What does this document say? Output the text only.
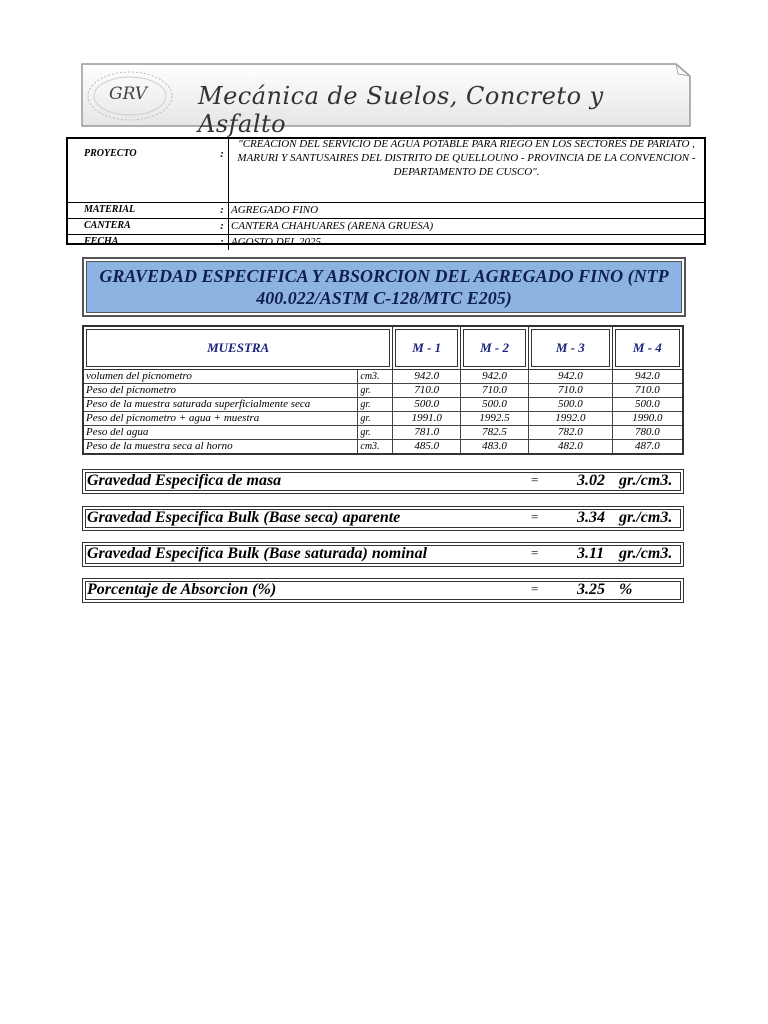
GRV Mecánica de Suelos, Concreto y Asfalto
PROYECTO	:	"CREACION DEL SERVICIO DE AGUA POTABLE PARA RIEGO EN LOS SECTORES DE PARIATO , MARURI Y SANTUSAIRES DEL DISTRITO DE QUELLOUNO - PROVINCIA DE LA CONVENCION - DEPARTAMENTO DE CUSCO".
MATERIAL	:	AGREGADO FINO
CANTERA	:	CANTERA CHAHUARES (ARENA GRUESA)
FECHA	:	AGOSTO DEL 2025
GRAVEDAD ESPECIFICA Y ABSORCION DEL AGREGADO FINO (NTP 400.022/ASTM C-128/MTC E205)
MUESTRA		M - 1	M - 2	M - 3	M - 4
volumen del picnometro	cm3.	942.0	942.0	942.0	942.0
Peso del picnometro	gr.	710.0	710.0	710.0	710.0
Peso de la muestra saturada superficialmente seca	gr.	500.0	500.0	500.0	500.0
Peso del picnometro + agua + muestra	gr.	1991.0	1992.5	1992.0	1990.0
Peso del agua	gr.	781.0	782.5	782.0	780.0
Peso de la muestra seca al horno	cm3.	485.0	483.0	482.0	487.0
Gravedad Especifica de masa	= 3.02 gr./cm3.
Gravedad Especifica Bulk (Base seca) aparente	= 3.34 gr./cm3.
Gravedad Especifica Bulk (Base saturada) nominal	= 3.11 gr./cm3.
Porcentaje de Absorcion (%)	= 3.25 %
